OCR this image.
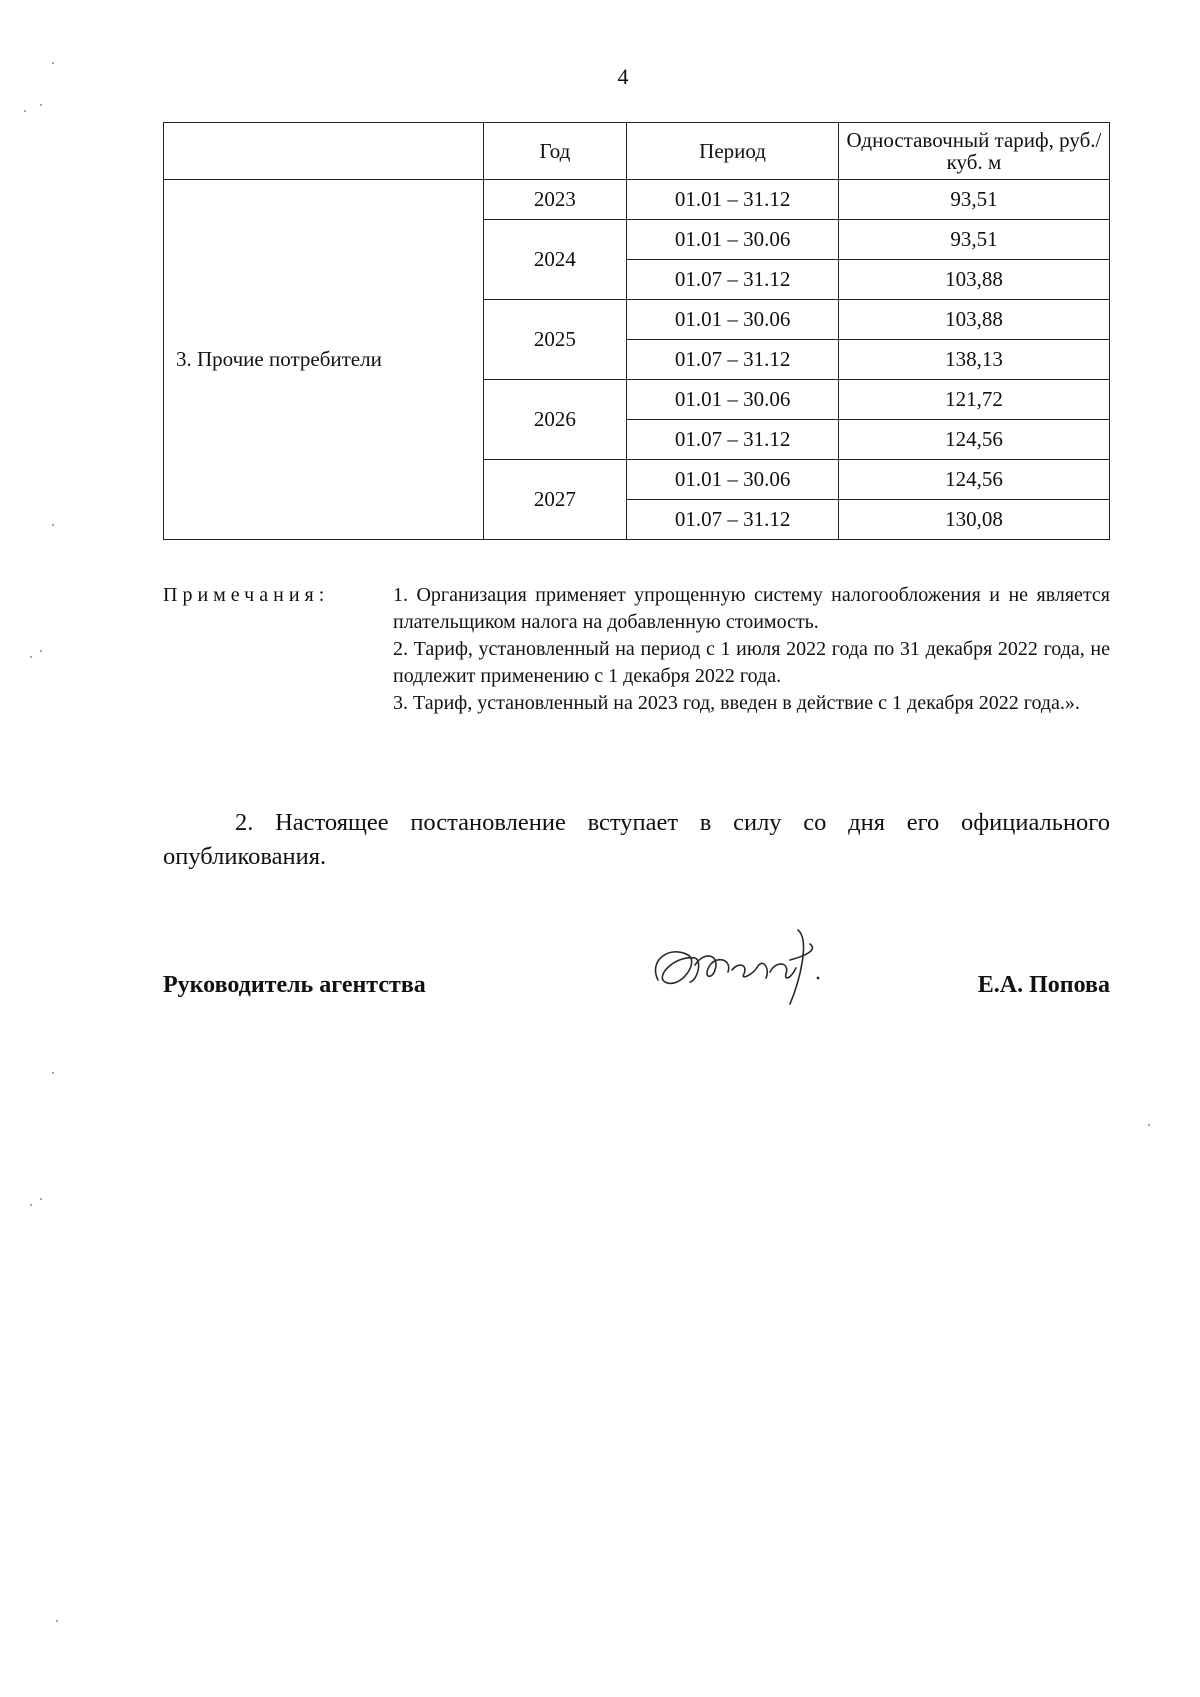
4
	Год	Период	Одноставочный тариф, руб./куб. м
3. Прочие потребители	2023	01.01 – 31.12	93,51
	2024	01.01 – 30.06	93,51
		01.07 – 31.12	103,88
	2025	01.01 – 30.06	103,88
		01.07 – 31.12	138,13
	2026	01.01 – 30.06	121,72
		01.07 – 31.12	124,56
	2027	01.01 – 30.06	124,56
		01.07 – 31.12	130,08
Примечания:	1. Организация применяет упрощенную систему налогообложения и не является плательщиком налога на добавленную стоимость.

2. Тариф, установленный на период с 1 июля 2022 года по 31 декабря 2022 года, не подлежит применению с 1 декабря 2022 года.

3. Тариф, установленный на 2023 год, введен в действие с 1 декабря 2022 года.».

2. Настоящее постановление вступает в силу со дня его официального опубликования.
Руководитель агентства	Е.А. Попова
